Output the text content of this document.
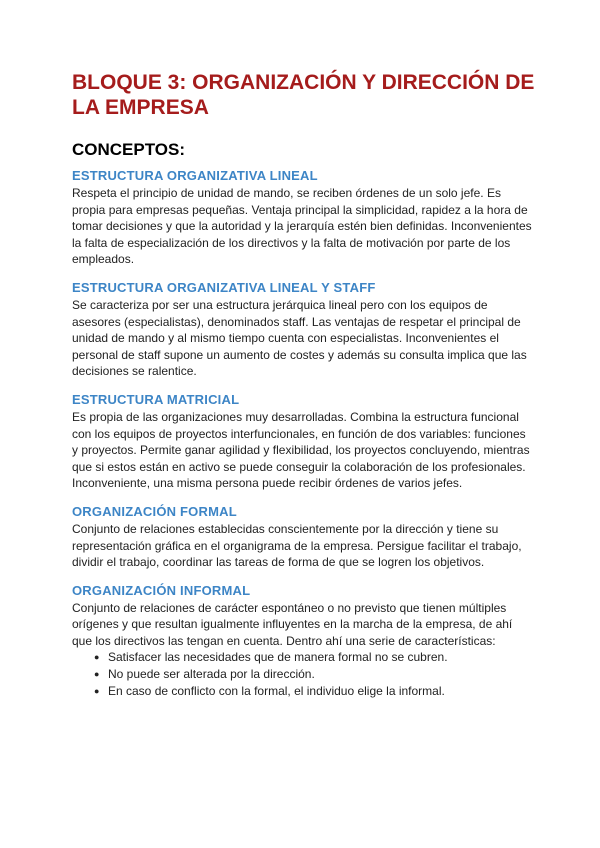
BLOQUE 3: ORGANIZACIÓN Y DIRECCIÓN DE LA EMPRESA
CONCEPTOS:
ESTRUCTURA ORGANIZATIVA LINEAL

Respeta el principio de unidad de mando, se reciben órdenes de un solo jefe. Es propia para empresas pequeñas. Ventaja principal la simplicidad, rapidez a la hora de tomar decisiones y que la autoridad y la jerarquía estén bien definidas. Inconvenientes la falta de especialización de los directivos y la falta de motivación por parte de los empleados.

ESTRUCTURA ORGANIZATIVA LINEAL Y STAFF

Se caracteriza por ser una estructura jerárquica lineal pero con los equipos de asesores (especialistas), denominados staff. Las ventajas de respetar el principal de unidad de mando y al mismo tiempo cuenta con especialistas. Inconvenientes el personal de staff supone un aumento de costes y además su consulta implica que las decisiones se ralentice.

ESTRUCTURA MATRICIAL

Es propia de las organizaciones muy desarrolladas. Combina la estructura funcional con los equipos de proyectos interfuncionales, en función de dos variables: funciones y proyectos. Permite ganar agilidad y flexibilidad, los proyectos concluyendo, mientras que si estos están en activo se puede conseguir la colaboración de los profesionales. Inconveniente, una misma persona puede recibir órdenes de varios jefes.

ORGANIZACIÓN FORMAL

Conjunto de relaciones establecidas conscientemente por la dirección y tiene su representación gráfica en el organigrama de la empresa. Persigue facilitar el trabajo, dividir el trabajo, coordinar las tareas de forma de que se logren los objetivos.

ORGANIZACIÓN INFORMAL

Conjunto de relaciones de carácter espontáneo o no previsto que tienen múltiples orígenes y que resultan igualmente influyentes en la marcha de la empresa, de ahí que los directivos las tengan en cuenta. Dentro ahí una serie de características:

● Satisfacer las necesidades que de manera formal no se cubren.
● No puede ser alterada por la dirección.
● En caso de conflicto con la formal, el individuo elige la informal.
